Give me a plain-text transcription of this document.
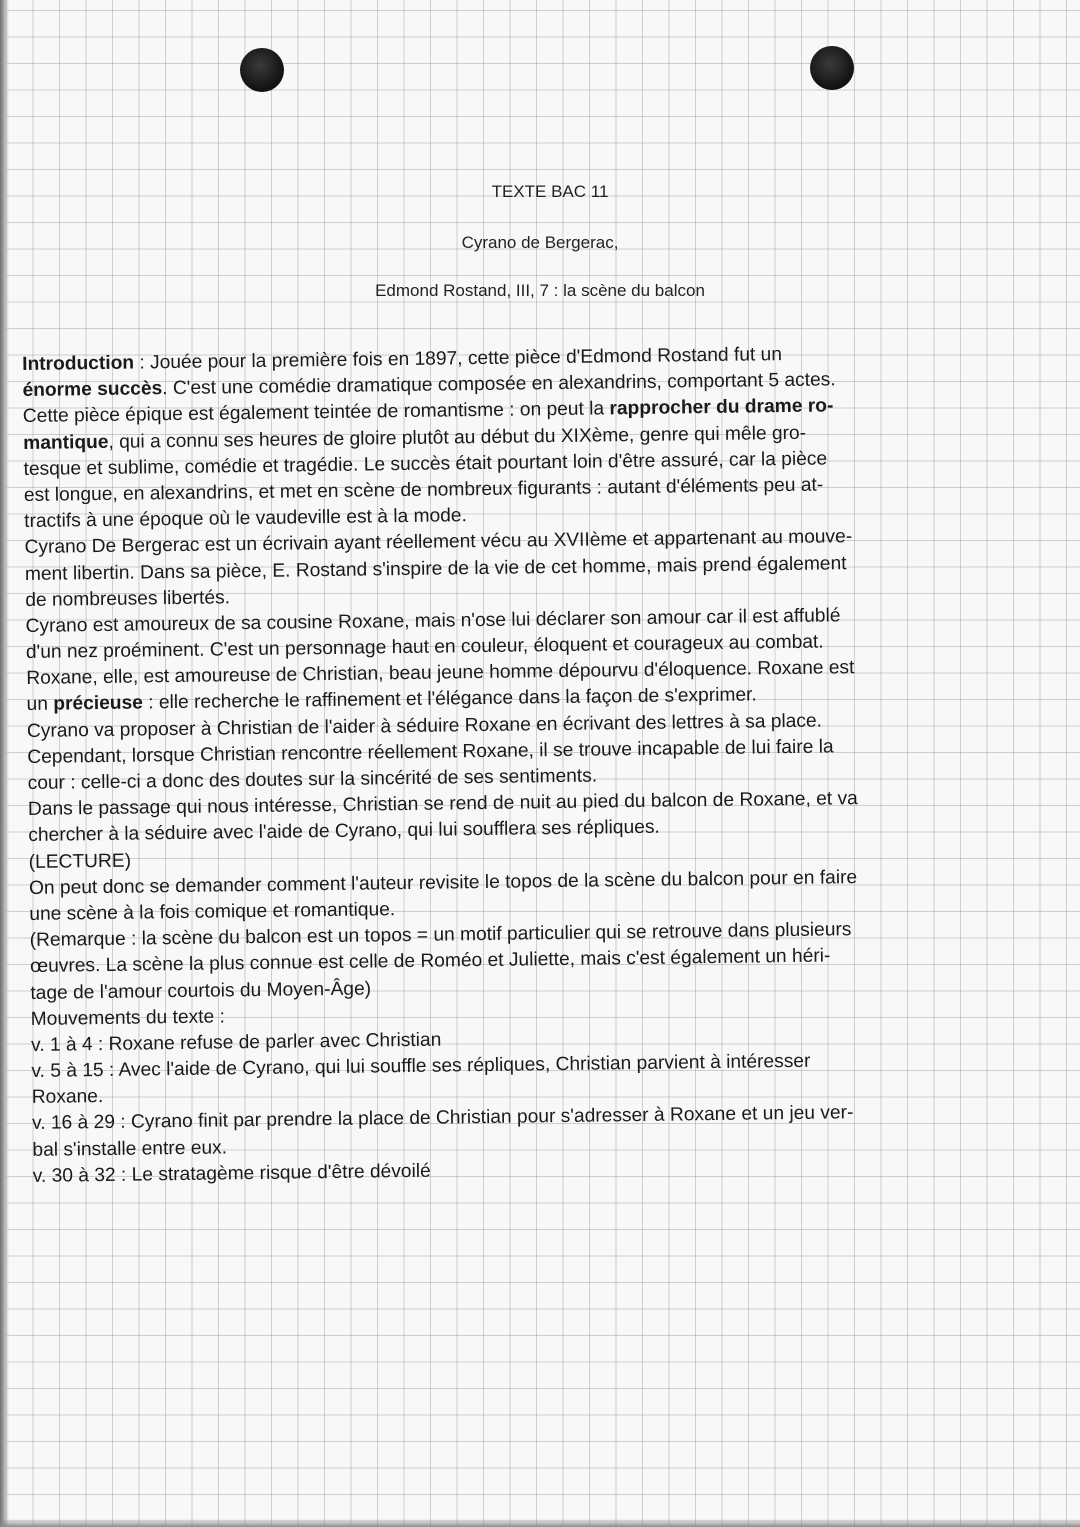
TEXTE BAC 11
Cyrano de Bergerac,
Edmond Rostand, III, 7 : la scène du balcon
Introduction : Jouée pour la première fois en 1897, cette pièce d'Edmond Rostand fut un
énorme succès. C'est une comédie dramatique composée en alexandrins, comportant 5 actes.
Cette pièce épique est également teintée de romantisme : on peut la rapprocher du drame ro-
mantique, qui a connu ses heures de gloire plutôt au début du XIXème, genre qui mêle gro-
tesque et sublime, comédie et tragédie. Le succès était pourtant loin d'être assuré, car la pièce
est longue, en alexandrins, et met en scène de nombreux figurants : autant d'éléments peu at-
tractifs à une époque où le vaudeville est à la mode.
Cyrano De Bergerac est un écrivain ayant réellement vécu au XVIIème et appartenant au mouve-
ment libertin. Dans sa pièce, E. Rostand s'inspire de la vie de cet homme, mais prend également
de nombreuses libertés.
Cyrano est amoureux de sa cousine Roxane, mais n'ose lui déclarer son amour car il est affublé
d'un nez proéminent. C'est un personnage haut en couleur, éloquent et courageux au combat.
Roxane, elle, est amoureuse de Christian, beau jeune homme dépourvu d'éloquence. Roxane est
un précieuse : elle recherche le raffinement et l'élégance dans la façon de s'exprimer.
Cyrano va proposer à Christian de l'aider à séduire Roxane en écrivant des lettres à sa place.
Cependant, lorsque Christian rencontre réellement Roxane, il se trouve incapable de lui faire la
cour : celle-ci a donc des doutes sur la sincérité de ses sentiments.
Dans le passage qui nous intéresse, Christian se rend de nuit au pied du balcon de Roxane, et va
chercher à la séduire avec l'aide de Cyrano, qui lui soufflera ses répliques.
(LECTURE)
On peut donc se demander comment l'auteur revisite le topos de la scène du balcon pour en faire
une scène à la fois comique et romantique.
(Remarque : la scène du balcon est un topos = un motif particulier qui se retrouve dans plusieurs
œuvres. La scène la plus connue est celle de Roméo et Juliette, mais c'est également un héri-
tage de l'amour courtois du Moyen-Âge)
Mouvements du texte :
v. 1 à 4 : Roxane refuse de parler avec Christian
v. 5 à 15 : Avec l'aide de Cyrano, qui lui souffle ses répliques, Christian parvient à intéresser
Roxane.
v. 16 à 29 : Cyrano finit par prendre la place de Christian pour s'adresser à Roxane et un jeu ver-
bal s'installe entre eux.
v. 30 à 32 : Le stratagème risque d'être dévoilé
